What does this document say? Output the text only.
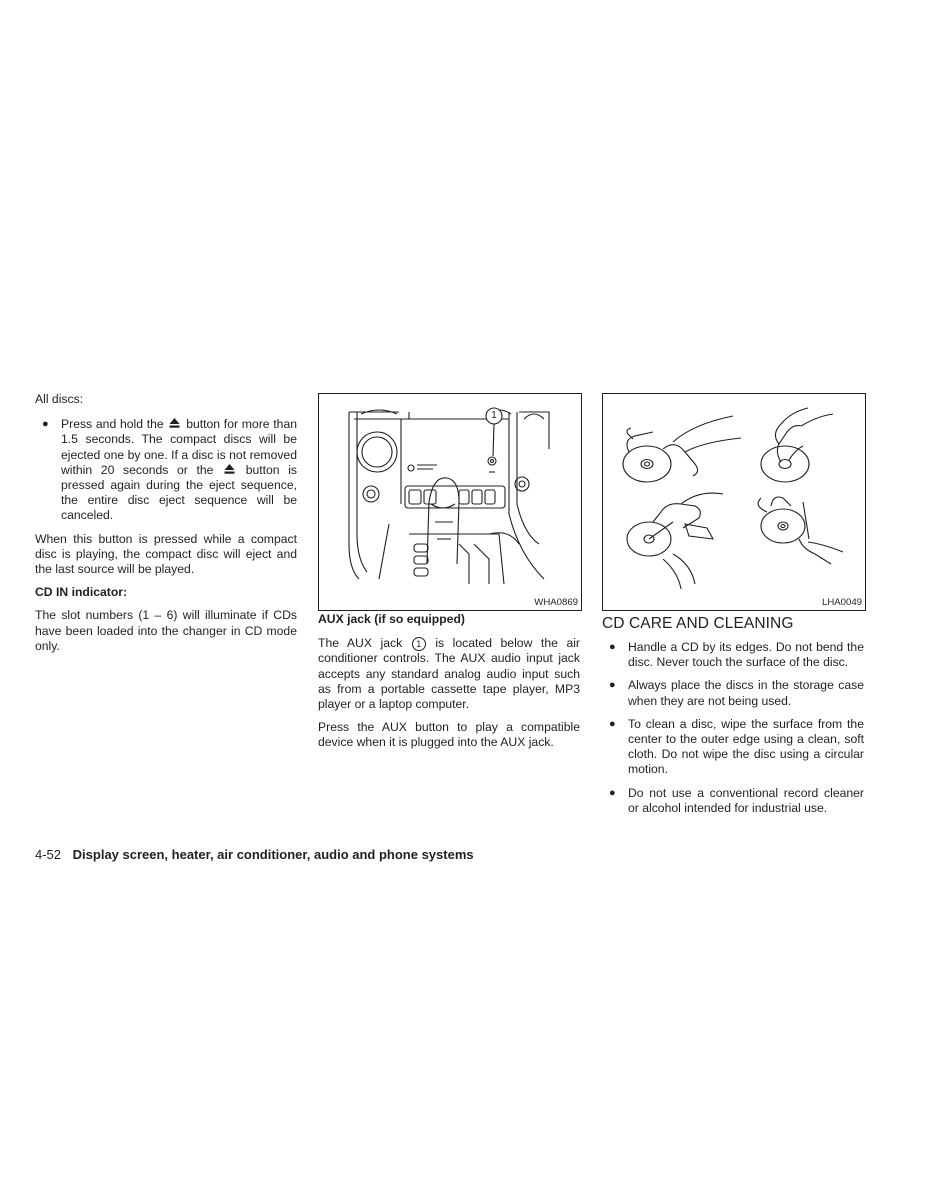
All discs:

● Press and hold the button for more than 1.5 seconds. The compact discs will be ejected one by one. If a disc is not removed within 20 seconds or the	button is pressed again during the eject sequence, the entire disc eject sequence will be canceled.

When this button is pressed while a compact disc is playing, the compact disc will eject and the last source will be played.

CD IN indicator:

The slot numbers (1 – 6) will illuminate if CDs have been loaded into the changer in CD mode only.

1
WHA0869

AUX jack (if so equipped)

The AUX jack 1 is located below the air conditioner controls. The AUX audio input jack accepts any standard analog audio input such as from a portable cassette tape player, MP3 player or a laptop computer.

Press the AUX button to play a compatible device when it is plugged into the AUX jack.

LHA0049
CD CARE AND CLEANING
● Handle a CD by its edges. Do not bend the disc. Never touch the surface of the disc.
● Always place the discs in the storage case when they are not being used.
● To clean a disc, wipe the surface from the center to the outer edge using a clean, soft cloth. Do not wipe the disc using a circular motion.
● Do not use a conventional record cleaner or alcohol intended for industrial use.
4-52 Display screen, heater, air conditioner, audio and phone systems
